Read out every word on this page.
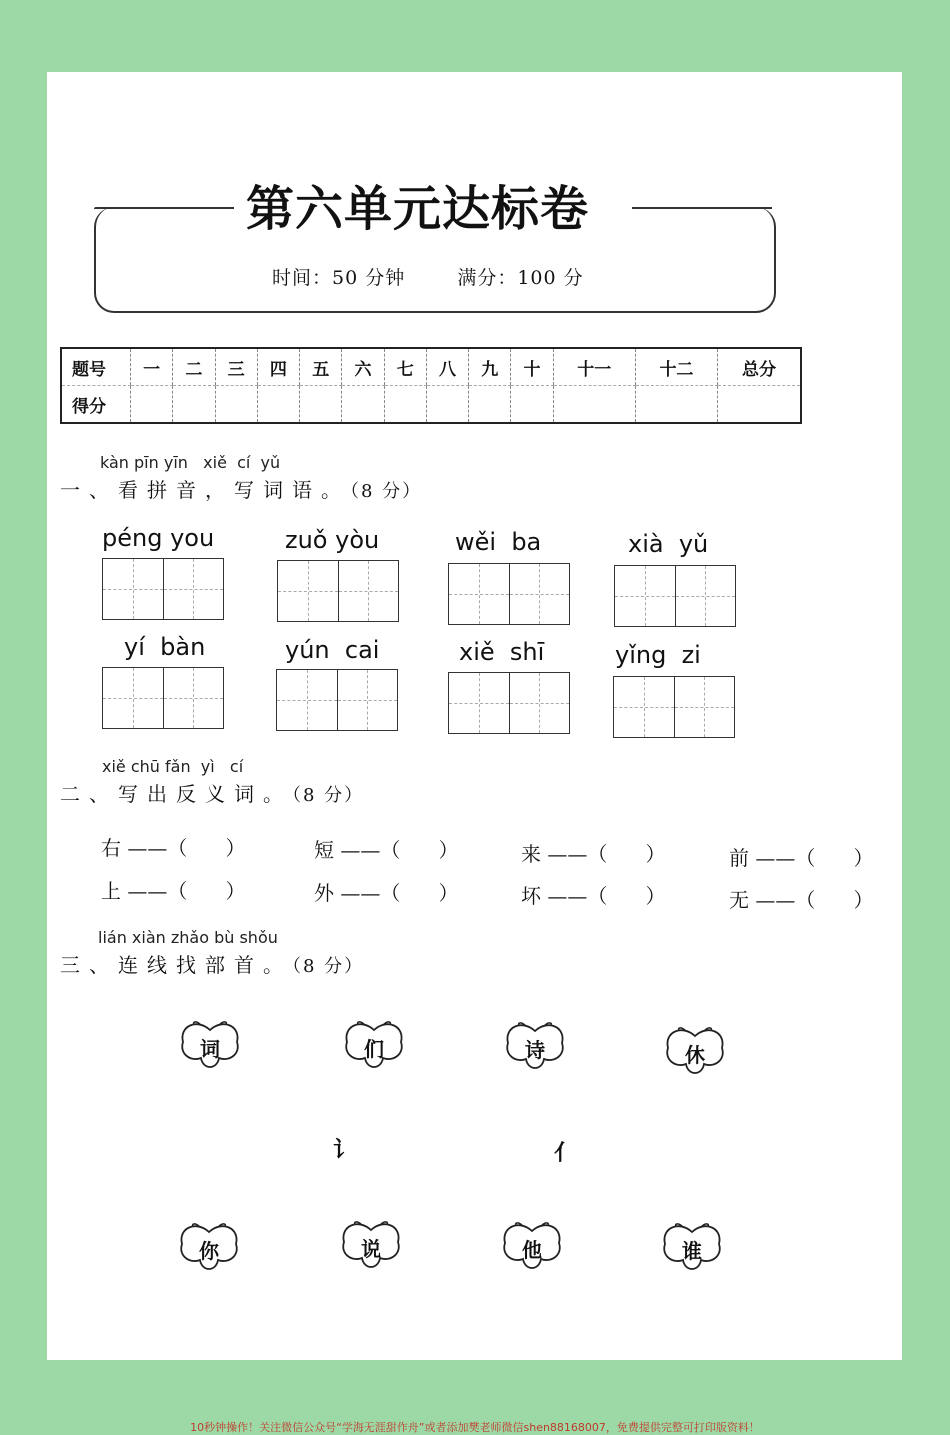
第六单元达标卷
时间：50 分钟	满分：100 分
题号	一	二	三	四	五	六	七	八	九	十	十一	十二	总分
得分													
kàn pīn yīn   xiě  cí  yǔ
一、看拼音，写词语。（8 分）
péng you	zuǒ yòu	wěi  ba	xià  yǔ
yí  bàn	yún  cai	xiě  shī	yǐng  zi
xiě chū fǎn  yì   cí
二、写出反义词。（8 分）
右 ——（      ）	短 ——（      ）	来 ——（      ）	前 ——（      ）
上 ——（      ）	外 ——（      ）	坏 ——（      ）	无 ——（      ）
lián xiàn zhǎo bù shǒu
三、连线找部首。（8 分）
词	们	诗	休
讠	亻
你	说	他	谁
10秒钟操作！关注微信公众号“学海无涯甜作舟”或者添加樊老师微信shen88168007，免费提供完整可打印版资料！
